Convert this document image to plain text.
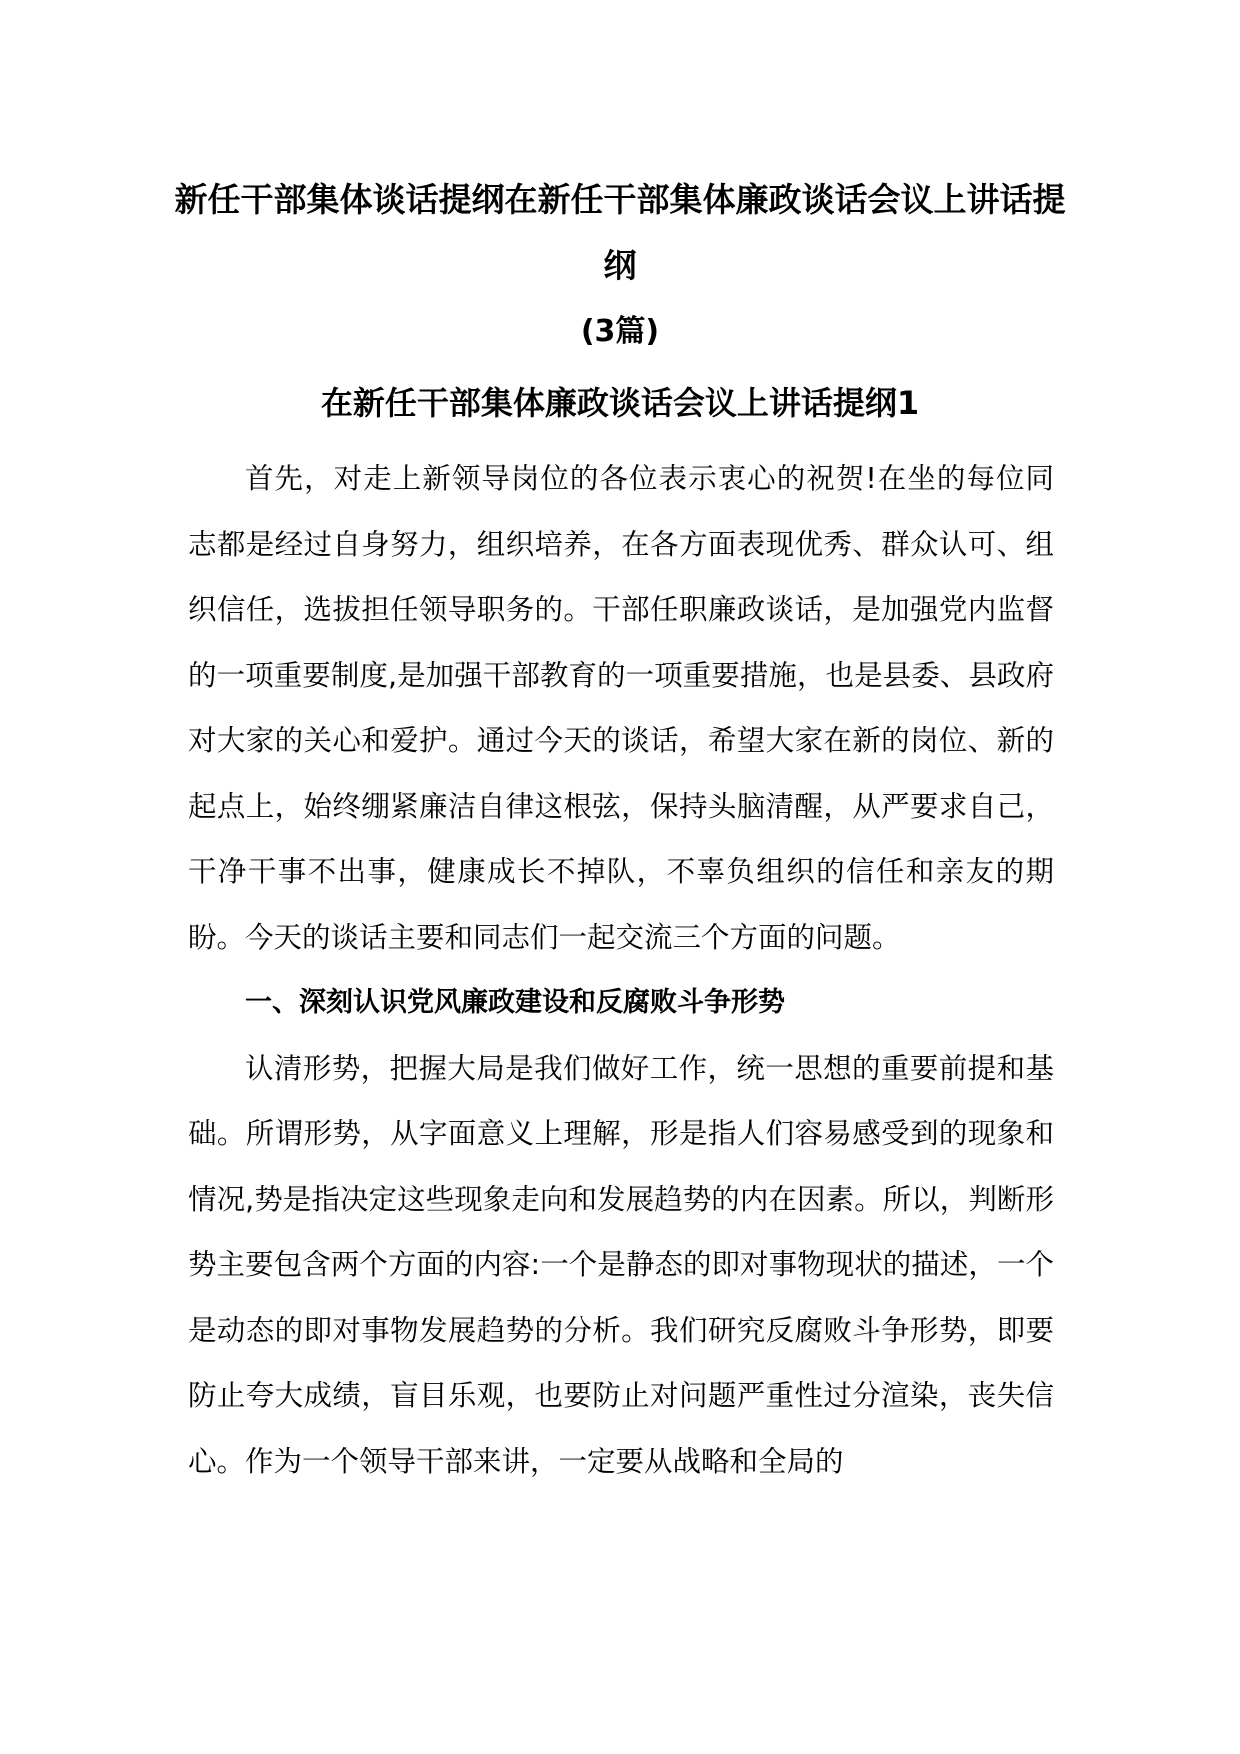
新任干部集体谈话提纲在新任干部集体廉政谈话会议上讲话提纲
(3篇)
在新任干部集体廉政谈话会议上讲话提纲1

首先，对走上新领导岗位的各位表示衷心的祝贺!在坐的每位同志都是经过自身努力，组织培养，在各方面表现优秀、群众认可、组织信任，选拔担任领导职务的。干部任职廉政谈话，是加强党内监督的一项重要制度,是加强干部教育的一项重要措施，也是县委、县政府对大家的关心和爱护。通过今天的谈话，希望大家在新的岗位、新的起点上，始终绷紧廉洁自律这根弦，保持头脑清醒，从严要求自己，干净干事不出事，健康成长不掉队，不辜负组织的信任和亲友的期盼。今天的谈话主要和同志们一起交流三个方面的问题。

一、深刻认识党风廉政建设和反腐败斗争形势

认清形势，把握大局是我们做好工作，统一思想的重要前提和基础。所谓形势，从字面意义上理解，形是指人们容易感受到的现象和情况,势是指决定这些现象走向和发展趋势的内在因素。所以，判断形势主要包含两个方面的内容:一个是静态的即对事物现状的描述，一个是动态的即对事物发展趋势的分析。我们研究反腐败斗争形势，即要防止夸大成绩，盲目乐观，也要防止对问题严重性过分渲染，丧失信心。作为一个领导干部来讲，一定要从战略和全局的
